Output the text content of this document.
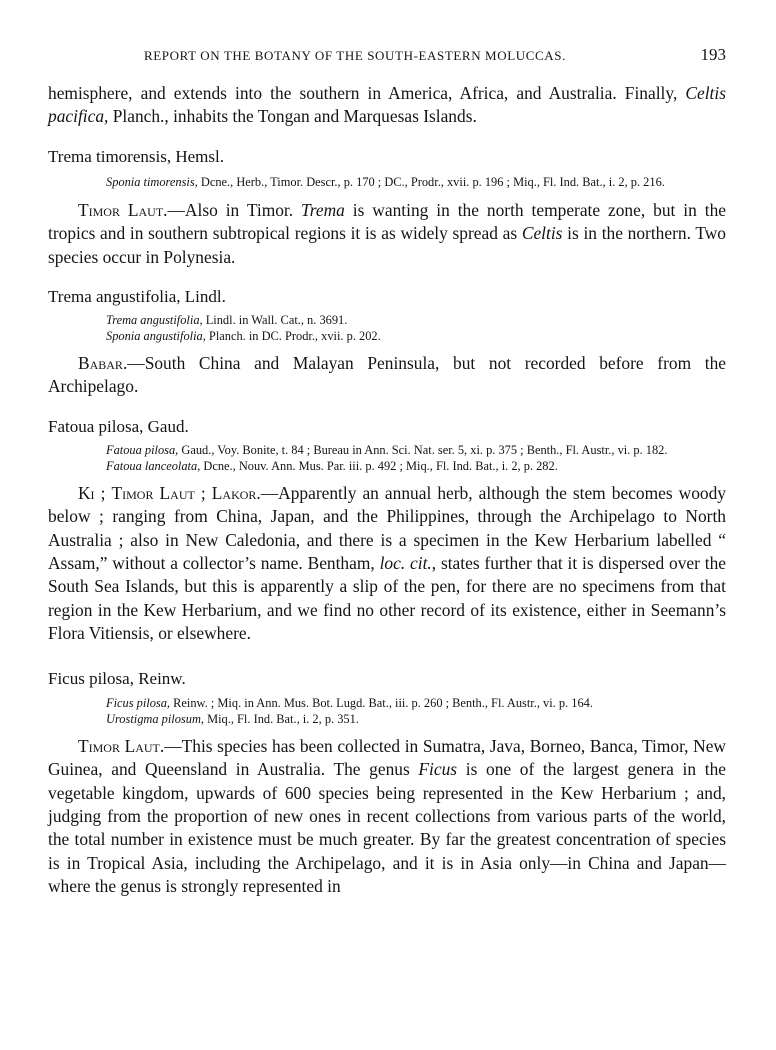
REPORT ON THE BOTANY OF THE SOUTH-EASTERN MOLUCCAS.	193

hemisphere, and extends into the southern in America, Africa, and Australia. Finally, Celtis pacifica, Planch., inhabits the Tongan and Marquesas Islands.

Trema timorensis, Hemsl.
Sponia timorensis, Dcne., Herb., Timor. Descr., p. 170 ; DC., Prodr., xvii. p. 196 ; Miq., Fl. Ind. Bat., i. 2, p. 216.

Timor Laut.—Also in Timor. Trema is wanting in the north temperate zone, but in the tropics and in southern subtropical regions it is as widely spread as Celtis is in the northern. Two species occur in Polynesia.

Trema angustifolia, Lindl.
Trema angustifolia, Lindl. in Wall. Cat., n. 3691.
Sponia angustifolia, Planch. in DC. Prodr., xvii. p. 202.

Babar.—South China and Malayan Peninsula, but not recorded before from the Archipelago.

Fatoua pilosa, Gaud.
Fatoua pilosa, Gaud., Voy. Bonite, t. 84 ; Bureau in Ann. Sci. Nat. ser. 5, xi. p. 375 ; Benth., Fl. Austr., vi. p. 182.
Fatoua lanceolata, Dcne., Nouv. Ann. Mus. Par. iii. p. 492 ; Miq., Fl. Ind. Bat., i. 2, p. 282.

Ki ; Timor Laut ; Lakor.—Apparently an annual herb, although the stem becomes woody below ; ranging from China, Japan, and the Philippines, through the Archipelago to North Australia ; also in New Caledonia, and there is a specimen in the Kew Herbarium labelled “ Assam,” without a collector’s name. Bentham, loc. cit., states further that it is dispersed over the South Sea Islands, but this is apparently a slip of the pen, for there are no specimens from that region in the Kew Herbarium, and we find no other record of its existence, either in Seemann’s Flora Vitiensis, or elsewhere.

Ficus pilosa, Reinw.
Ficus pilosa, Reinw. ; Miq. in Ann. Mus. Bot. Lugd. Bat., iii. p. 260 ; Benth., Fl. Austr., vi. p. 164.
Urostigma pilosum, Miq., Fl. Ind. Bat., i. 2, p. 351.

Timor Laut.—This species has been collected in Sumatra, Java, Borneo, Banca, Timor, New Guinea, and Queensland in Australia. The genus Ficus is one of the largest genera in the vegetable kingdom, upwards of 600 species being represented in the Kew Herbarium ; and, judging from the proportion of new ones in recent collections from various parts of the world, the total number in existence must be much greater. By far the greatest concentration of species is in Tropical Asia, including the Archipelago, and it is in Asia only—in China and Japan—where the genus is strongly represented in
